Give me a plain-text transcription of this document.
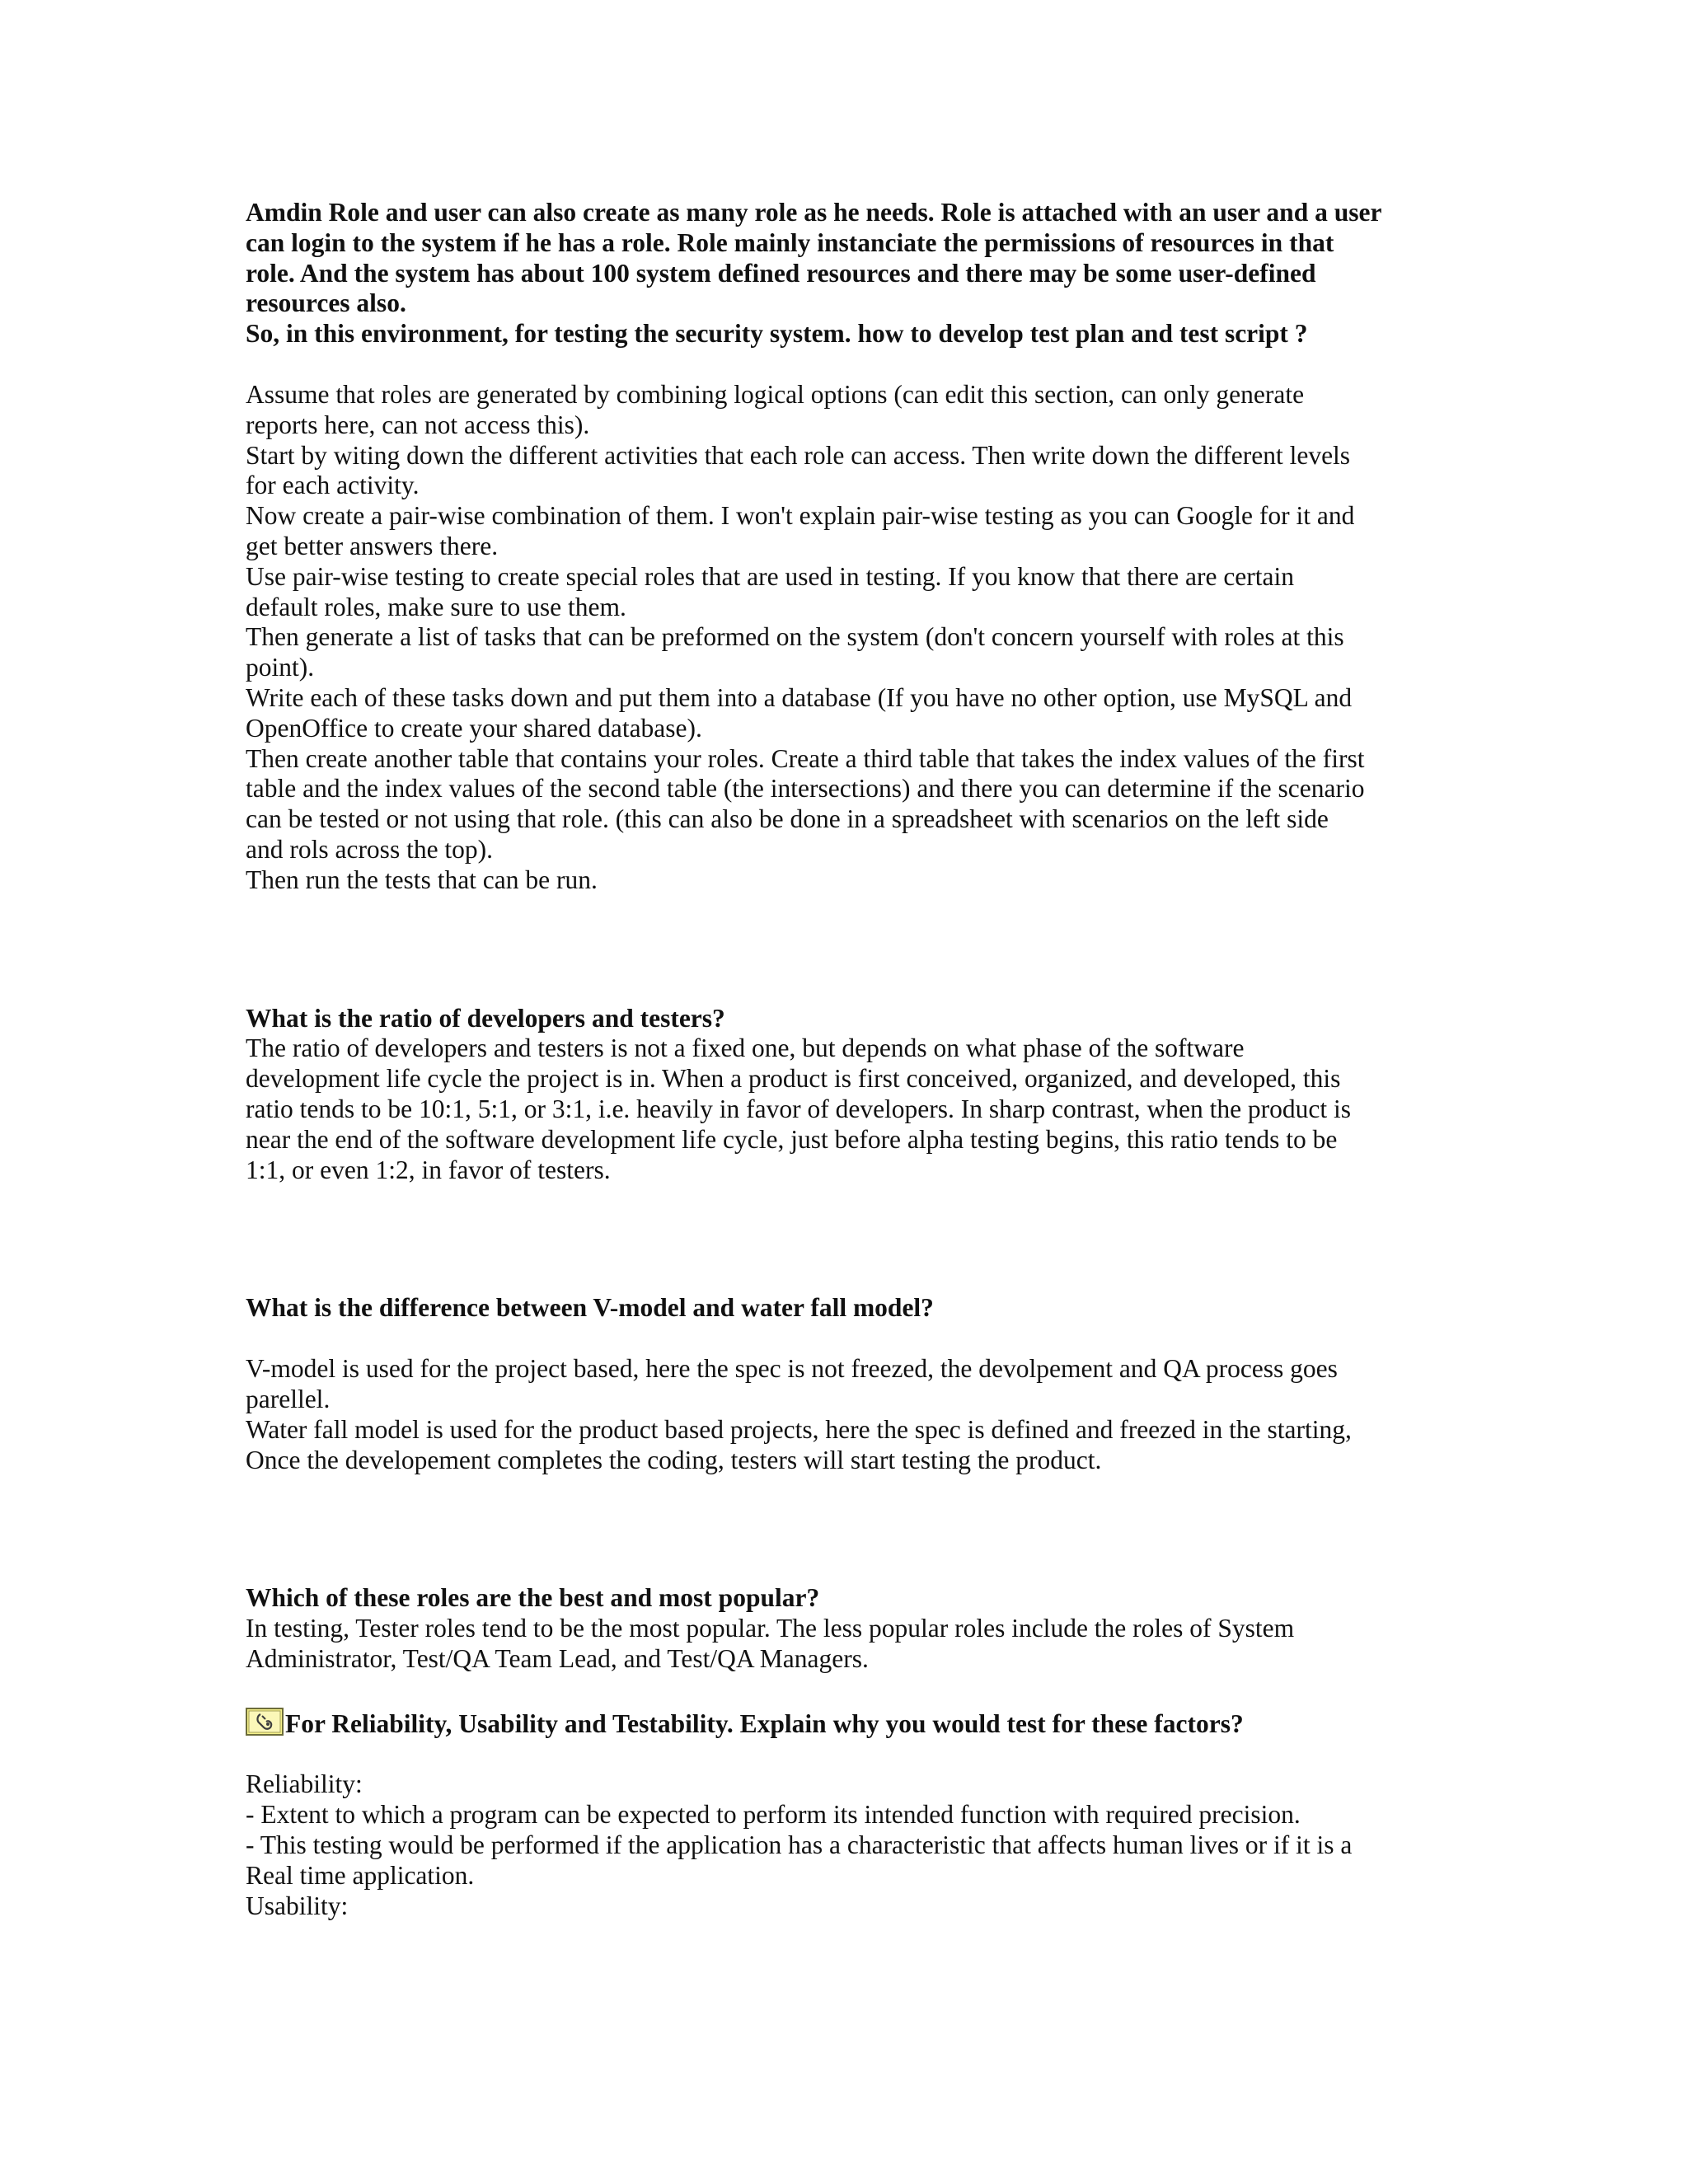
Amdin Role and user can also create as many role as he needs. Role is attached with an user and a user
can login to the system if he has a role. Role mainly instanciate the permissions of resources in that
role. And the system has about 100 system defined resources and there may be some user-defined
resources also.
So, in this environment, for testing the security system. how to develop test plan and test script ?
Assume that roles are generated by combining logical options (can edit this section, can only generate
reports here, can not access this).
Start by witing down the different activities that each role can access. Then write down the different levels
for each activity.
Now create a pair-wise combination of them. I won't explain pair-wise testing as you can Google for it and
get better answers there.
Use pair-wise testing to create special roles that are used in testing. If you know that there are certain
default roles, make sure to use them.
Then generate a list of tasks that can be preformed on the system (don't concern yourself with roles at this
point).
Write each of these tasks down and put them into a database (If you have no other option, use MySQL and
OpenOffice to create your shared database).
Then create another table that contains your roles. Create a third table that takes the index values of the first
table and the index values of the second table (the intersections) and there you can determine if the scenario
can be tested or not using that role. (this can also be done in a spreadsheet with scenarios on the left side
and rols across the top).
Then run the tests that can be run.
What is the ratio of developers and testers?
The ratio of developers and testers is not a fixed one, but depends on what phase of the software
development life cycle the project is in. When a product is first conceived, organized, and developed, this
ratio tends to be 10:1, 5:1, or 3:1, i.e. heavily in favor of developers. In sharp contrast, when the product is
near the end of the software development life cycle, just before alpha testing begins, this ratio tends to be
1:1, or even 1:2, in favor of testers.
What is the difference between V-model and water fall model?
V-model is used for the project based, here the spec is not freezed, the devolpement and QA process goes
parellel.
Water fall model is used for the product based projects, here the spec is defined and freezed in the starting,
Once the developement completes the coding, testers will start testing the product.
Which of these roles are the best and most popular?
In testing, Tester roles tend to be the most popular. The less popular roles include the roles of System
Administrator, Test/QA Team Lead, and Test/QA Managers.
For Reliability, Usability and Testability. Explain why you would test for these factors?
Reliability:
- Extent to which a program can be expected to perform its intended function with required precision.
- This testing would be performed if the application has a characteristic that affects human lives or if it is a
Real time application.
Usability:
